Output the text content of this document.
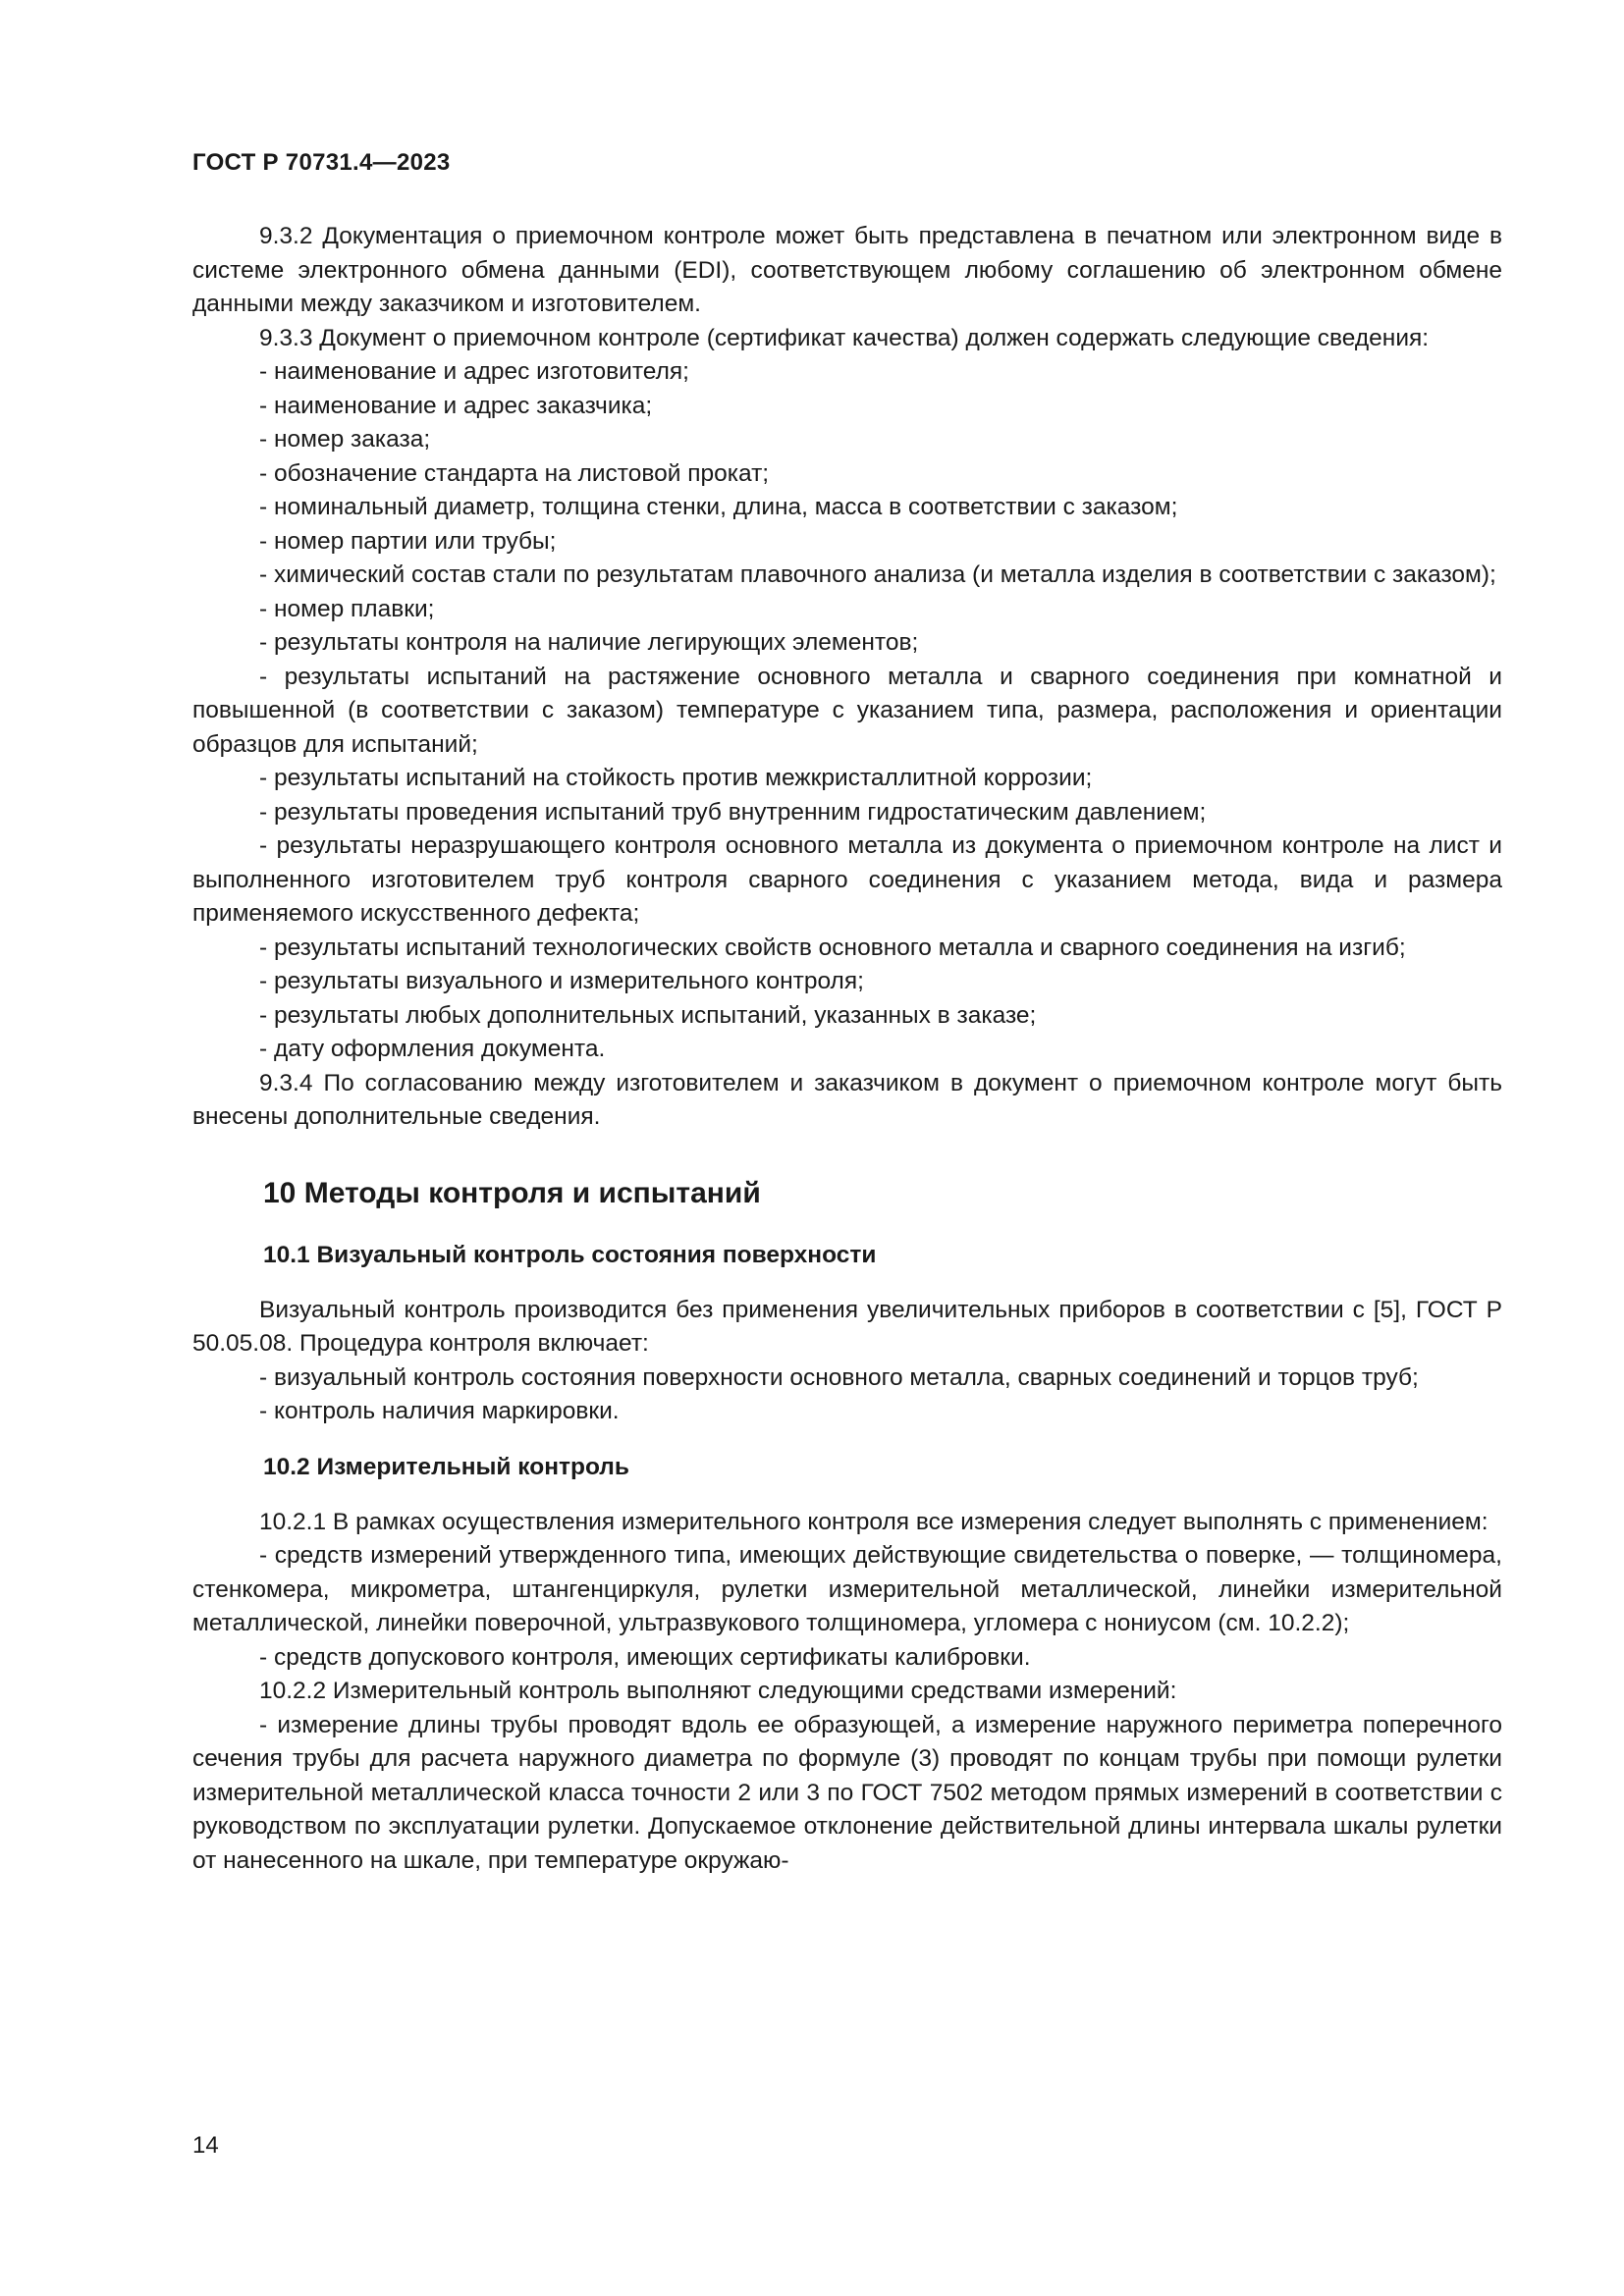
ГОСТ Р 70731.4—2023

9.3.2 Документация о приемочном контроле может быть представлена в печатном или электронном виде в системе электронного обмена данными (EDI), соответствующем любому соглашению об электронном обмене данными между заказчиком и изготовителем.

9.3.3 Документ о приемочном контроле (сертификат качества) должен содержать следующие сведения:

- наименование и адрес изготовителя;

- наименование и адрес заказчика;

- номер заказа;

- обозначение стандарта на листовой прокат;

- номинальный диаметр, толщина стенки, длина, масса в соответствии с заказом;

- номер партии или трубы;

- химический состав стали по результатам плавочного анализа (и металла изделия в соответствии с заказом);

- номер плавки;

- результаты контроля на наличие легирующих элементов;

- результаты испытаний на растяжение основного металла и сварного соединения при комнатной и повышенной (в соответствии с заказом) температуре с указанием типа, размера, расположения и ориентации образцов для испытаний;

- результаты испытаний на стойкость против межкристаллитной коррозии;

- результаты проведения испытаний труб внутренним гидростатическим давлением;

- результаты неразрушающего контроля основного металла из документа о приемочном контроле на лист и выполненного изготовителем труб контроля сварного соединения с указанием метода, вида и размера применяемого искусственного дефекта;

- результаты испытаний технологических свойств основного металла и сварного соединения на изгиб;

- результаты визуального и измерительного контроля;

- результаты любых дополнительных испытаний, указанных в заказе;

- дату оформления документа.

9.3.4 По согласованию между изготовителем и заказчиком в документ о приемочном контроле могут быть внесены дополнительные сведения.

10 Методы контроля и испытаний
10.1 Визуальный контроль состояния поверхности

Визуальный контроль производится без применения увеличительных приборов в соответствии с [5], ГОСТ Р 50.05.08. Процедура контроля включает:

- визуальный контроль состояния поверхности основного металла, сварных соединений и торцов труб;

- контроль наличия маркировки.

10.2 Измерительный контроль

10.2.1 В рамках осуществления измерительного контроля все измерения следует выполнять с применением:

- средств измерений утвержденного типа, имеющих действующие свидетельства о поверке, — толщиномера, стенкомера, микрометра, штангенциркуля, рулетки измерительной металлической, линейки измерительной металлической, линейки поверочной, ультразвукового толщиномера, угломера с нониусом (см. 10.2.2);

- средств допускового контроля, имеющих сертификаты калибровки.

10.2.2 Измерительный контроль выполняют следующими средствами измерений:

- измерение длины трубы проводят вдоль ее образующей, а измерение наружного периметра поперечного сечения трубы для расчета наружного диаметра по формуле (3) проводят по концам трубы при помощи рулетки измерительной металлической класса точности 2 или 3 по ГОСТ 7502 методом прямых измерений в соответствии с руководством по эксплуатации рулетки. Допускаемое отклонение действительной длины интервала шкалы рулетки от нанесенного на шкале, при температуре окружаю-

14
